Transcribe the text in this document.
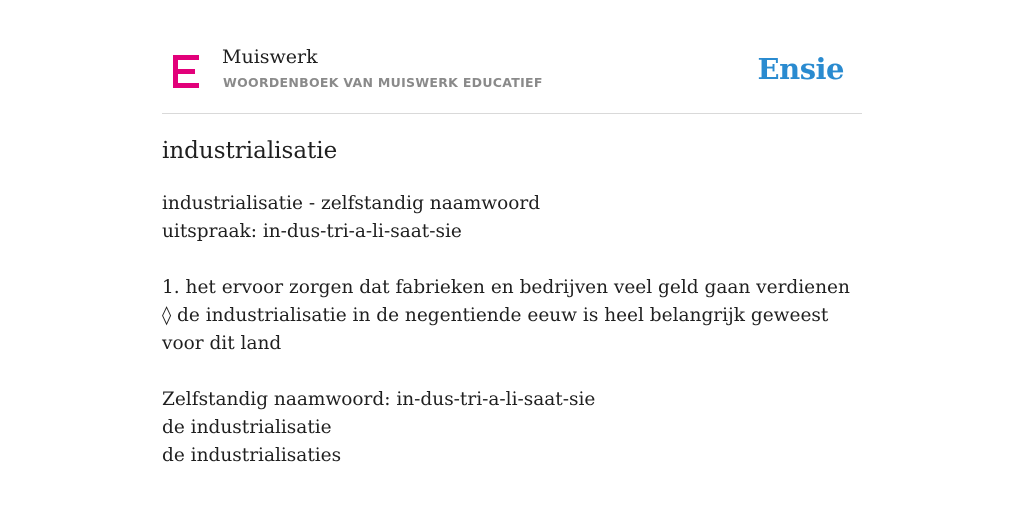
Muiswerk
WOORDENBOEK VAN MUISWERK EDUCATIEF	Ensie
industrialisatie
industrialisatie - zelfstandig naamwoord
uitspraak: in-dus-tri-a-li-saat-sie
1. het ervoor zorgen dat fabrieken en bedrijven veel geld gaan verdienen
◊ de industrialisatie in de negentiende eeuw is heel belangrijk geweest voor dit land
Zelfstandig naamwoord: in-dus-tri-a-li-saat-sie
de industrialisatie
de industrialisaties
